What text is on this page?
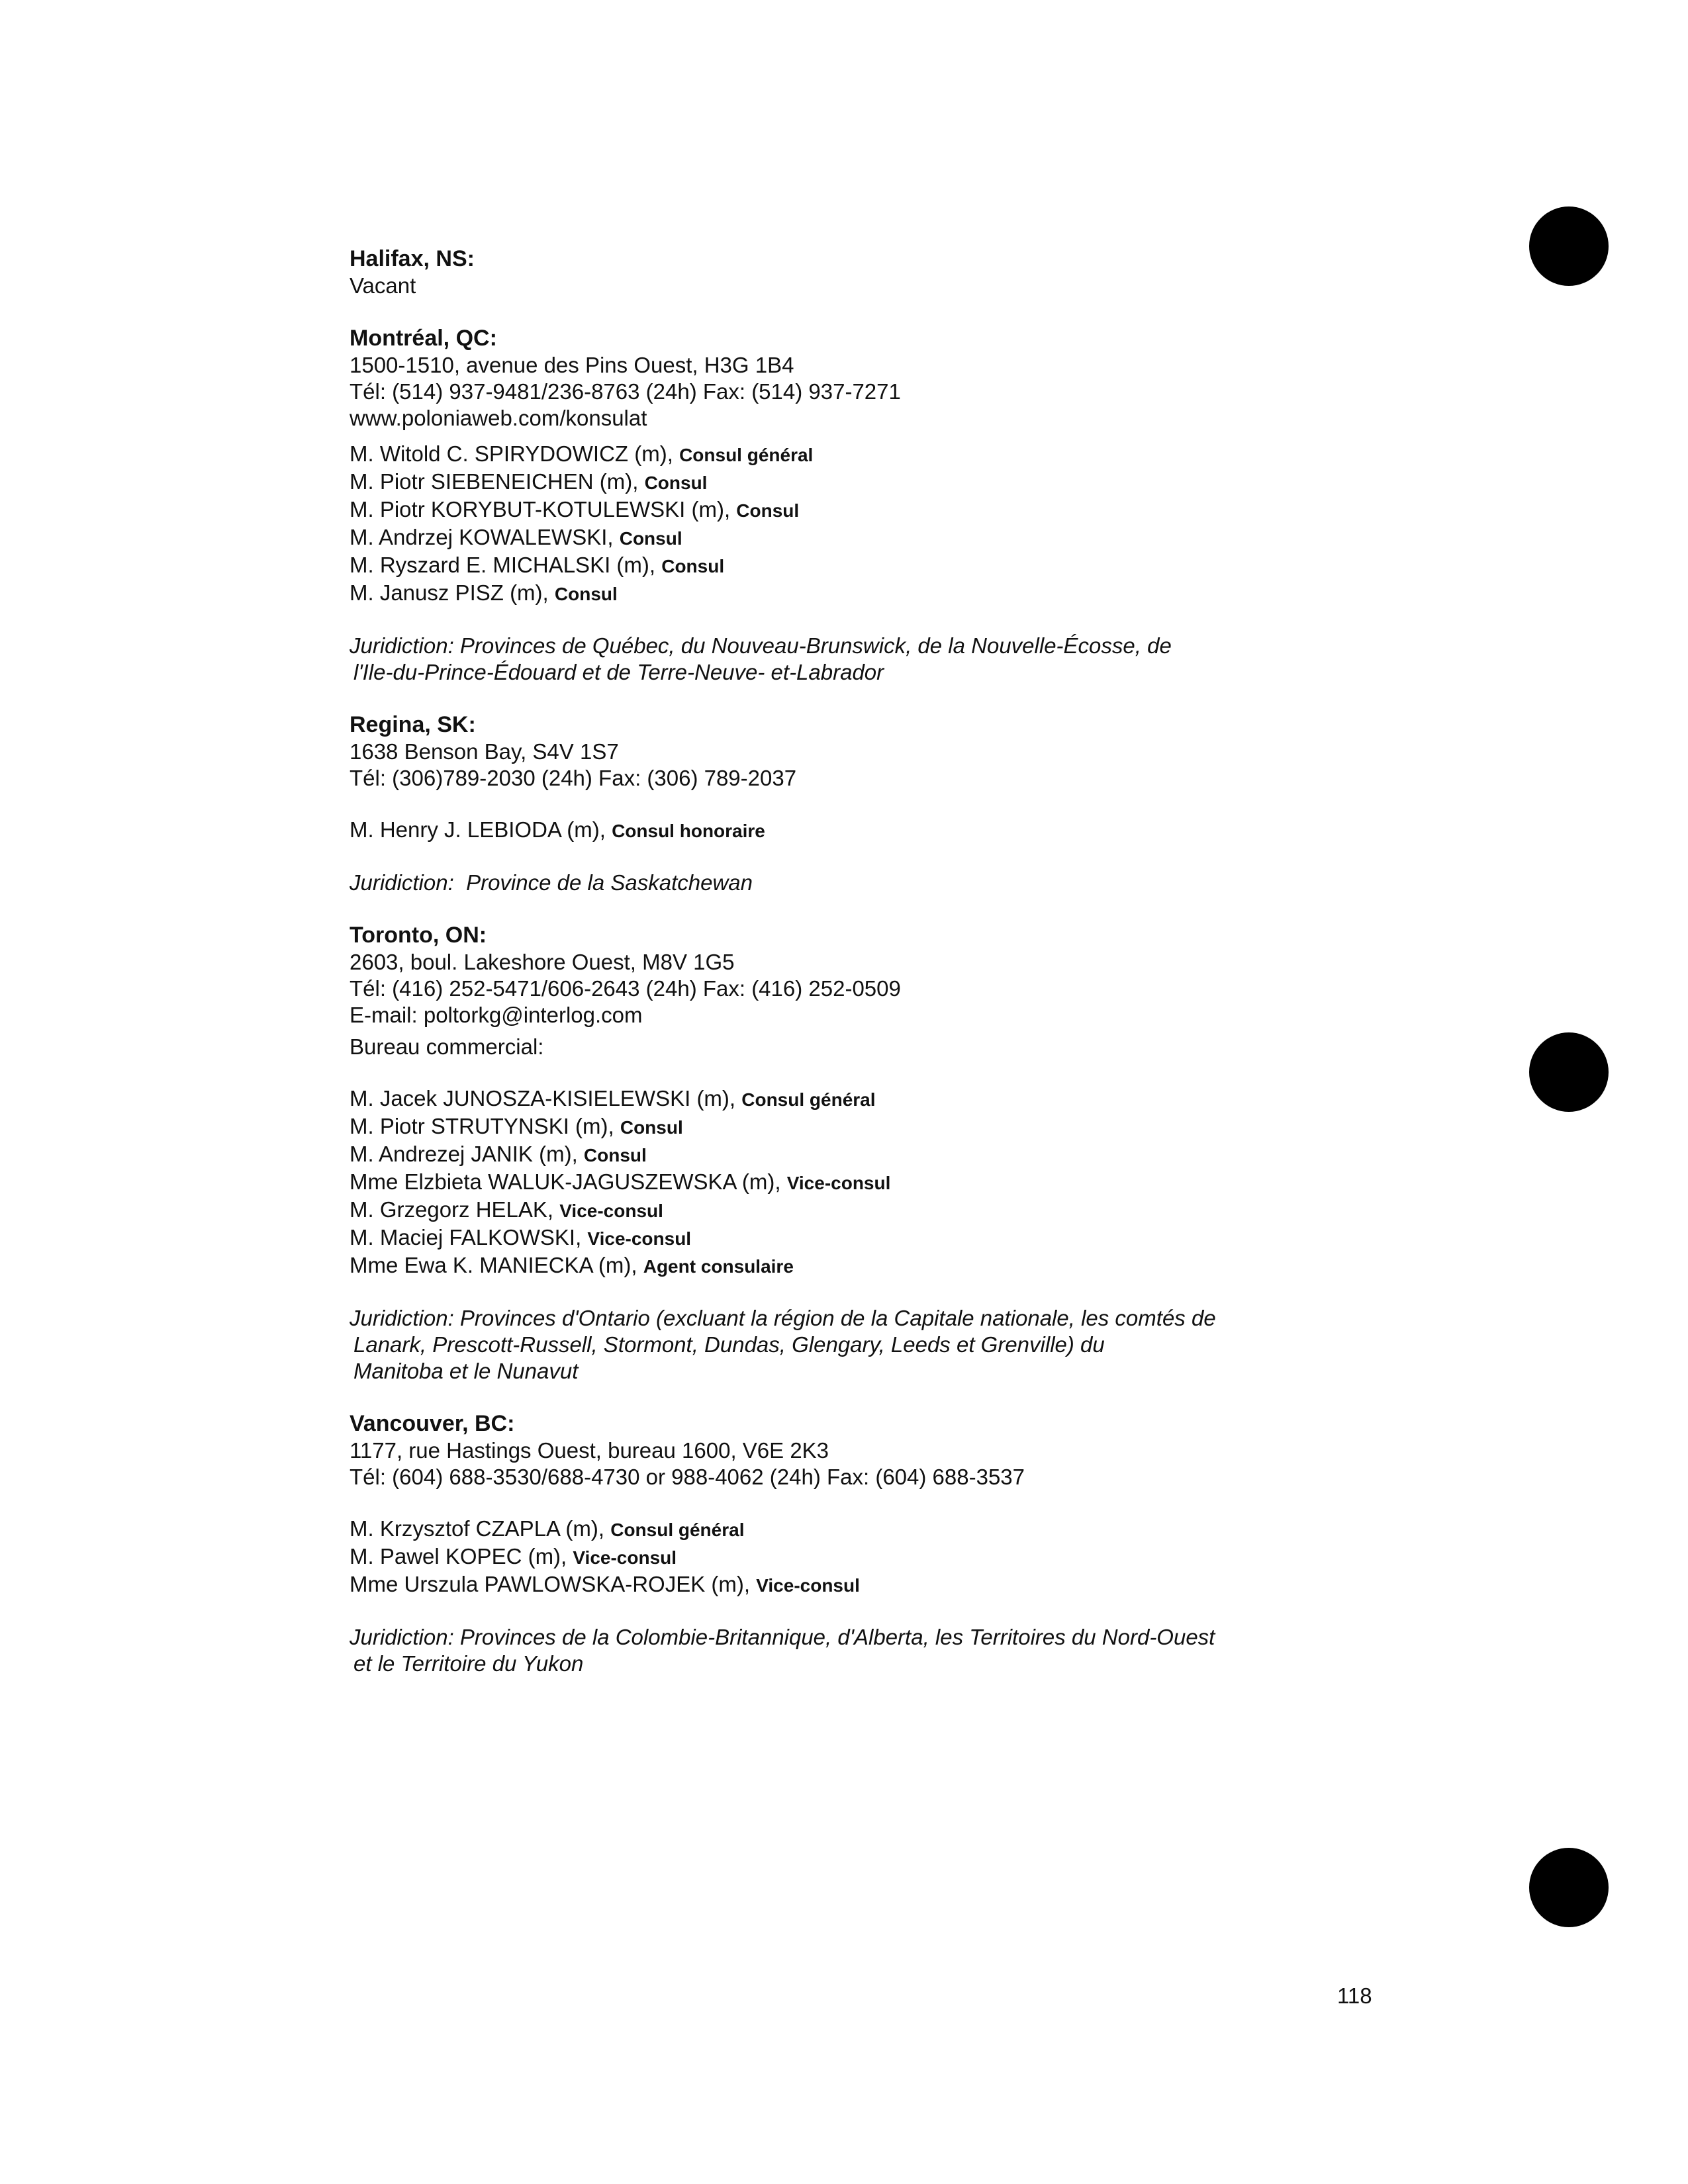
Halifax, NS:
Vacant
Montréal, QC:
1500-1510, avenue des Pins Ouest, H3G 1B4
Tél: (514) 937-9481/236-8763 (24h) Fax: (514) 937-7271
www.poloniaweb.com/konsulat
M. Witold C. SPIRYDOWICZ (m), Consul général
M. Piotr SIEBENEICHEN (m), Consul
M. Piotr KORYBUT-KOTULEWSKI (m), Consul
M. Andrzej KOWALEWSKI, Consul
M. Ryszard E. MICHALSKI (m), Consul
M. Janusz PISZ (m), Consul
Juridiction: Provinces de Québec, du Nouveau-Brunswick, de la Nouvelle-Écosse, de
l'Ile-du-Prince-Édouard et de Terre-Neuve- et-Labrador
Regina, SK:
1638 Benson Bay, S4V 1S7
Tél: (306)789-2030 (24h) Fax: (306) 789-2037
M. Henry J. LEBIODA (m), Consul honoraire
Juridiction:  Province de la Saskatchewan
Toronto, ON:
2603, boul. Lakeshore Ouest, M8V 1G5
Tél: (416) 252-5471/606-2643 (24h) Fax: (416) 252-0509
E-mail: poltorkg@interlog.com
Bureau commercial:
M. Jacek JUNOSZA-KISIELEWSKI (m), Consul général
M. Piotr STRUTYNSKI (m), Consul
M. Andrezej JANIK (m), Consul
Mme Elzbieta WALUK-JAGUSZEWSKA (m), Vice-consul
M. Grzegorz HELAK, Vice-consul
M. Maciej FALKOWSKI, Vice-consul
Mme Ewa K. MANIECKA (m), Agent consulaire
Juridiction: Provinces d'Ontario (excluant la région de la Capitale nationale, les comtés de
Lanark, Prescott-Russell, Stormont, Dundas, Glengary, Leeds et Grenville) du
Manitoba et le Nunavut
Vancouver, BC:
1177, rue Hastings Ouest, bureau 1600, V6E 2K3
Tél: (604) 688-3530/688-4730 or 988-4062 (24h) Fax: (604) 688-3537
M. Krzysztof CZAPLA (m), Consul général
M. Pawel KOPEC (m), Vice-consul
Mme Urszula PAWLOWSKA-ROJEK (m), Vice-consul
Juridiction: Provinces de la Colombie-Britannique, d'Alberta, les Territoires du Nord-Ouest
et le Territoire du Yukon
118
